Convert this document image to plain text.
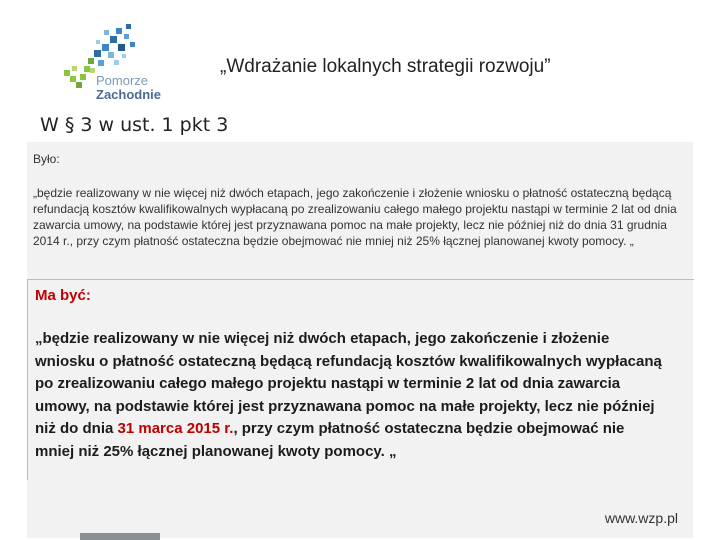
Pomorze
Zachodnie
„Wdrażanie lokalnych strategii rozwoju”
W § 3 w ust. 1 pkt 3
Było:
„będzie realizowany w nie więcej niż dwóch etapach, jego zakończenie i złożenie wniosku o płatność ostateczną będącą refundacją kosztów kwalifikowalnych wypłacaną po zrealizowaniu całego małego projektu nastąpi w terminie 2 lat od dnia zawarcia umowy, na podstawie której jest przyznawana pomoc na małe projekty, lecz nie później niż do dnia 31 grudnia 2014 r., przy czym płatność ostateczna będzie obejmować nie mniej niż 25% łącznej planowanej kwoty pomocy. „
Ma być:
„będzie realizowany w nie więcej niż dwóch etapach, jego zakończenie i złożenie wniosku o płatność ostateczną będącą refundacją kosztów kwalifikowalnych wypłacaną po zrealizowaniu całego małego projektu nastąpi w terminie 2 lat od dnia zawarcia umowy, na podstawie której jest przyznawana pomoc na małe projekty, lecz nie później niż do dnia 31 marca 2015 r., przy czym płatność ostateczna będzie obejmować nie mniej niż 25% łącznej planowanej kwoty pomocy. „
www.wzp.pl
